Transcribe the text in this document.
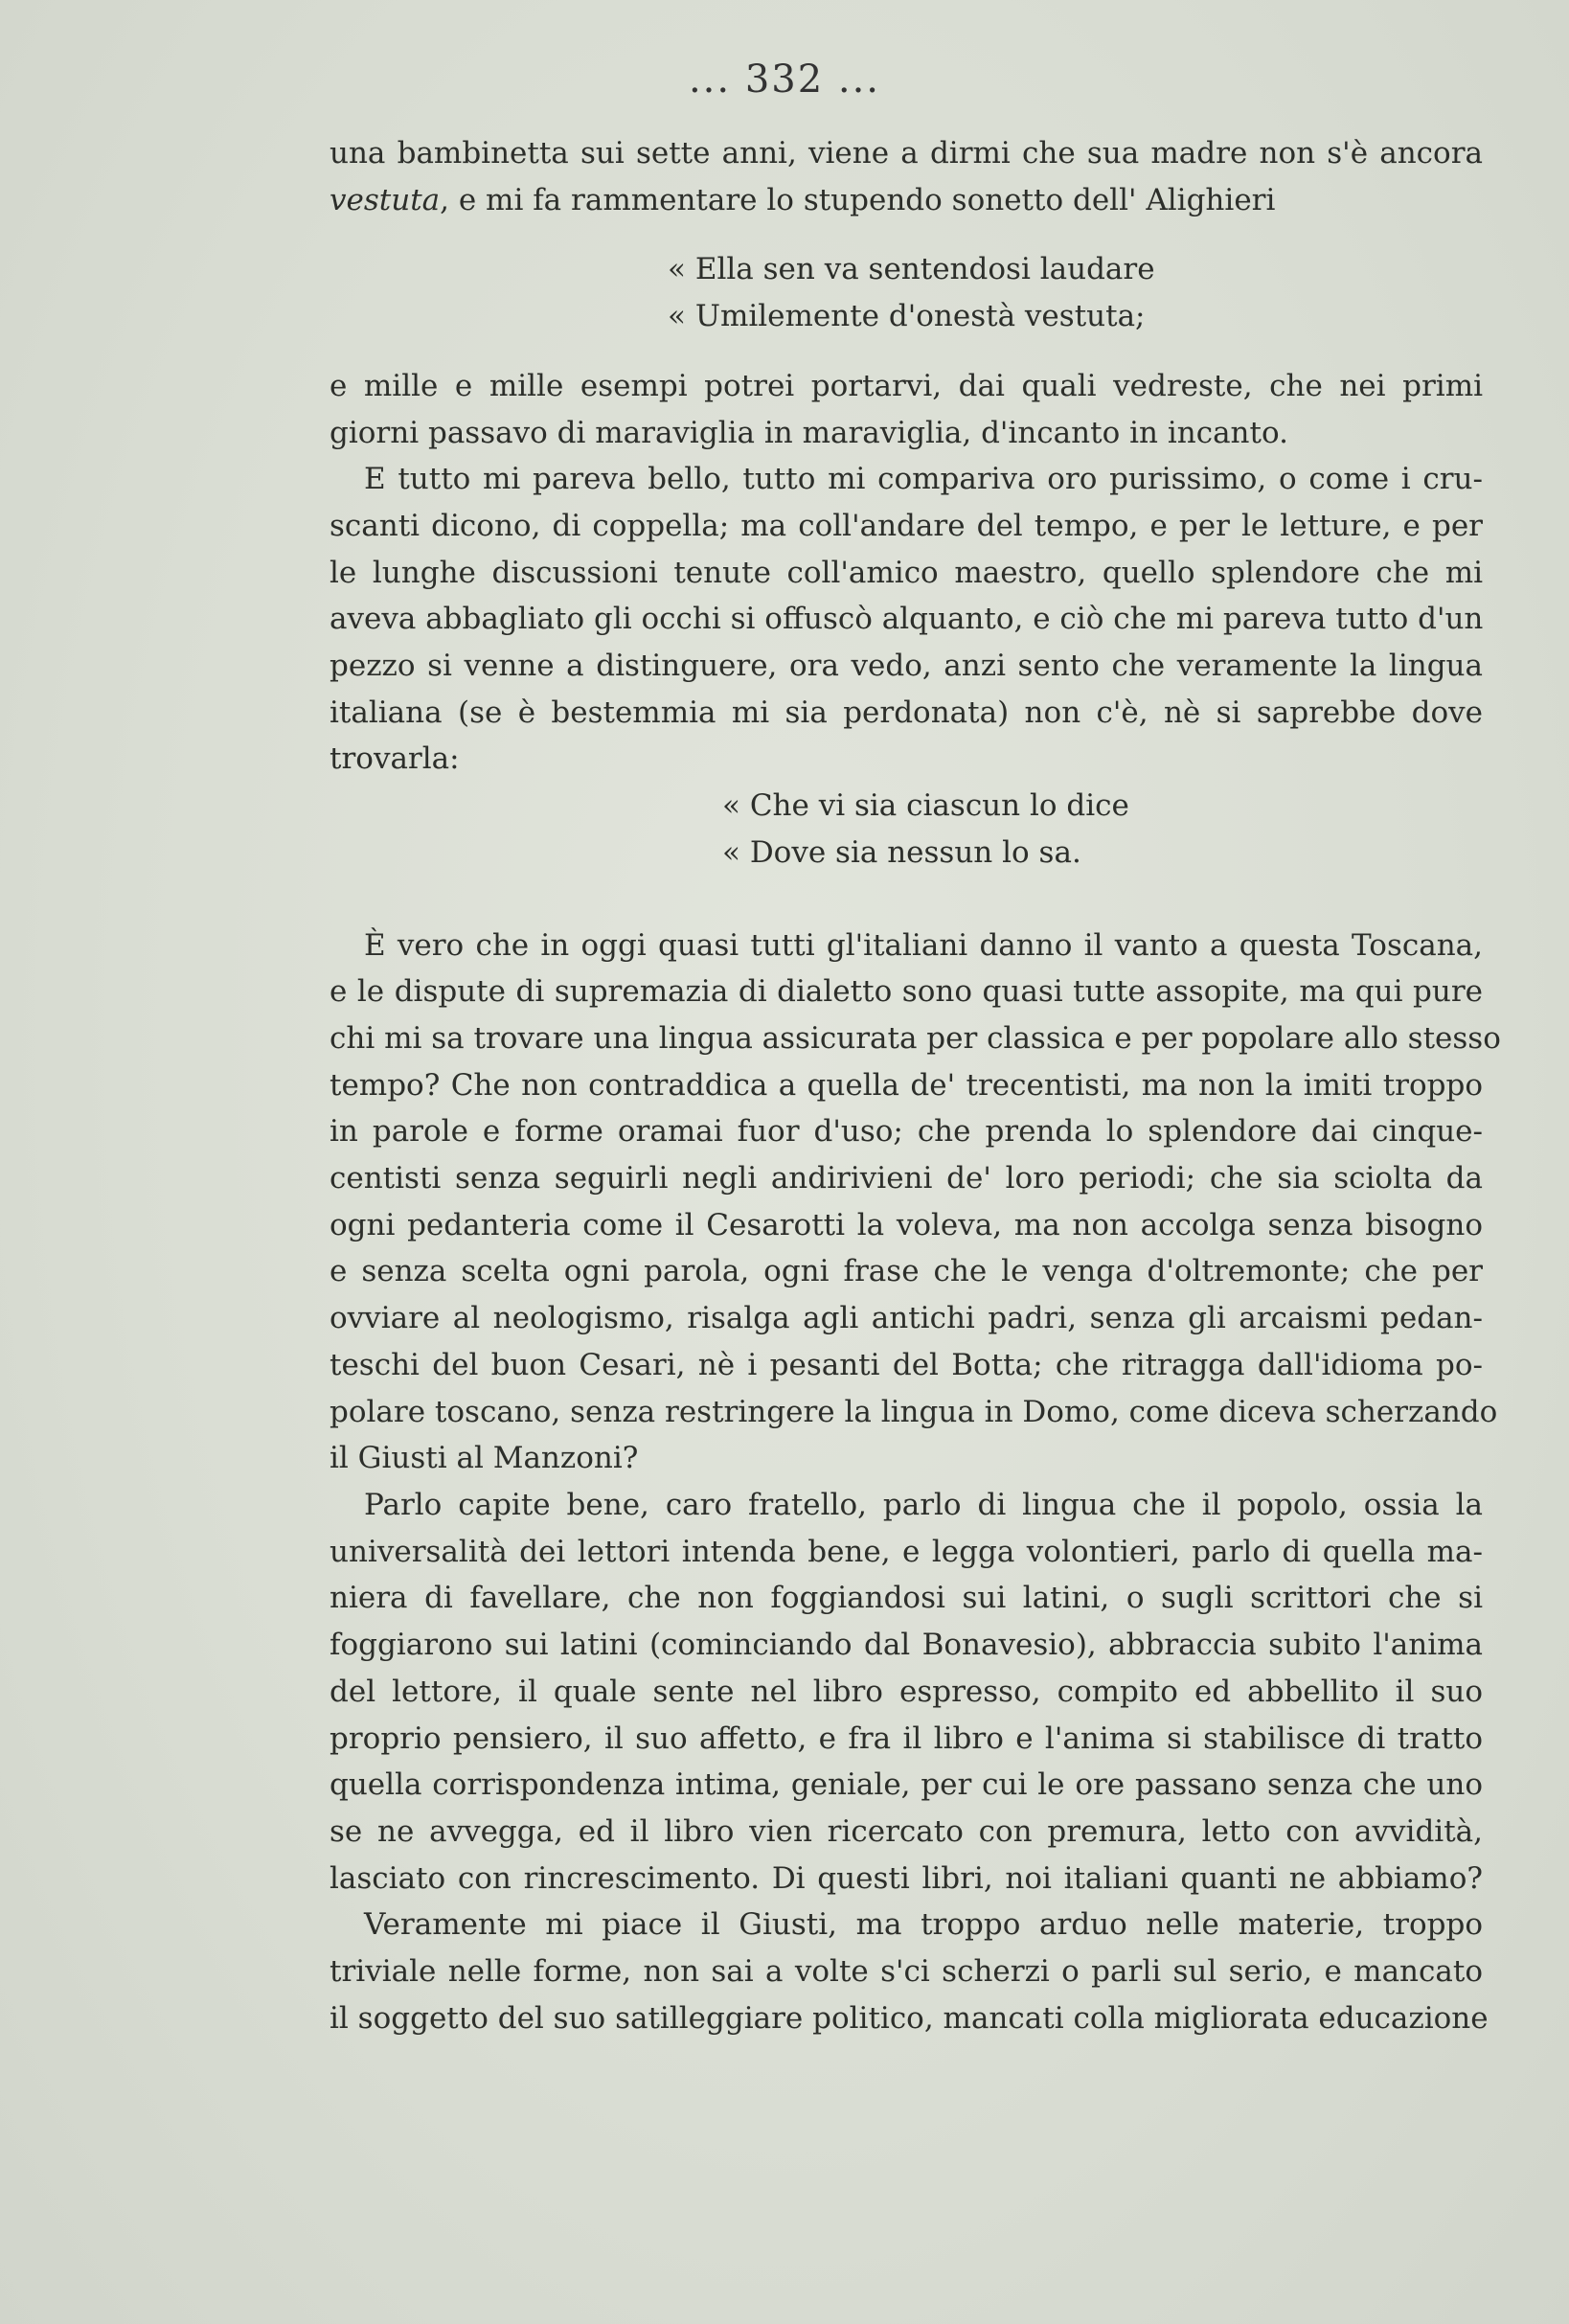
... 332 ...
una bambinetta sui sette anni, viene a dirmi che sua madre non s'è ancora
vestuta, e mi fa rammentare lo stupendo sonetto dell' Alighieri
« Ella sen va sentendosi laudare
« Umilemente d'onestà vestuta;
e mille e mille esempi potrei portarvi, dai quali vedreste, che nei primi
giorni passavo di maraviglia in maraviglia, d'incanto in incanto.
E tutto mi pareva bello, tutto mi compariva oro purissimo, o come i cru-
scanti dicono, di coppella; ma coll'andare del tempo, e per le letture, e per
le lunghe discussioni tenute coll'amico maestro, quello splendore che mi
aveva abbagliato gli occhi si offuscò alquanto, e ciò che mi pareva tutto d'un
pezzo si venne a distinguere, ora vedo, anzi sento che veramente la lingua
italiana (se è bestemmia mi sia perdonata) non c'è, nè si saprebbe dove
trovarla:
« Che vi sia ciascun lo dice
« Dove sia nessun lo sa.
È vero che in oggi quasi tutti gl'italiani danno il vanto a questa Toscana,
e le dispute di supremazia di dialetto sono quasi tutte assopite, ma qui pure
chi mi sa trovare una lingua assicurata per classica e per popolare allo stesso
tempo? Che non contraddica a quella de' trecentisti, ma non la imiti troppo
in parole e forme oramai fuor d'uso; che prenda lo splendore dai cinque-
centisti senza seguirli negli andirivieni de' loro periodi; che sia sciolta da
ogni pedanteria come il Cesarotti la voleva, ma non accolga senza bisogno
e senza scelta ogni parola, ogni frase che le venga d'oltremonte; che per
ovviare al neologismo, risalga agli antichi padri, senza gli arcaismi pedan-
teschi del buon Cesari, nè i pesanti del Botta; che ritragga dall'idioma po-
polare toscano, senza restringere la lingua in Domo, come diceva scherzando
il Giusti al Manzoni?
Parlo capite bene, caro fratello, parlo di lingua che il popolo, ossia la
universalità dei lettori intenda bene, e legga volontieri, parlo di quella ma-
niera di favellare, che non foggiandosi sui latini, o sugli scrittori che si
foggiarono sui latini (cominciando dal Bonavesio), abbraccia subito l'anima
del lettore, il quale sente nel libro espresso, compito ed abbellito il suo
proprio pensiero, il suo affetto, e fra il libro e l'anima si stabilisce di tratto
quella corrispondenza intima, geniale, per cui le ore passano senza che uno
se ne avvegga, ed il libro vien ricercato con premura, letto con avvidità,
lasciato con rincrescimento. Di questi libri, noi italiani quanti ne abbiamo?
Veramente mi piace il Giusti, ma troppo arduo nelle materie, troppo
triviale nelle forme, non sai a volte s'ci scherzi o parli sul serio, e mancato
il soggetto del suo satilleggiare politico, mancati colla migliorata educazione
